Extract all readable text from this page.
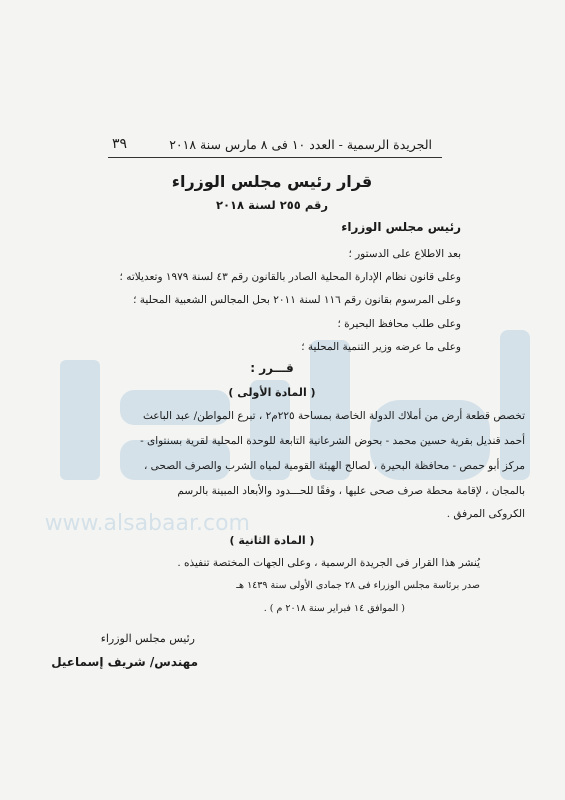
www.alsabaar.com
الجريدة الرسمية - العدد ١٠ فى ٨ مارس سنة ٢٠١٨
٣٩
قرار رئيس مجلس الوزراء
رقم ٢٥٥ لسنة ٢٠١٨
رئيس مجلس الوزراء
بعد الاطلاع على الدستور ؛
وعلى قانون نظام الإدارة المحلية الصادر بالقانون رقم ٤٣ لسنة ١٩٧٩ وتعديلاته ؛
وعلى المرسوم بقانون رقم ١١٦ لسنة ٢٠١١ بحل المجالس الشعبية المحلية ؛
وعلى طلب محافظ البحيرة ؛
وعلى ما عرضه وزير التنمية المحلية ؛
قـــرر :
( المادة الأولى )
تخصص قطعة أرض من أملاك الدولة الخاصة بمساحة ٢٢٥م٢ ، تبرع المواطن/ عبد الباعث
أحمد قنديل بقرية حسين محمد - بحوض الشرعانية التابعة للوحدة المحلية لقرية بسنتواى -
مركز أبو حمص - محافظة البحيرة ، لصالح الهيئة القومية لمياه الشرب والصرف الصحى ،
بالمجان ، لإقامة محطة صرف صحى عليها ، وفقًا للحـــدود والأبعاد المبينة بالرسم
الكروكى المرفق .
( المادة الثانية )
يُنشر هذا القرار فى الجريدة الرسمية ، وعلى الجهات المختصة تنفيذه .
صدر برئاسة مجلس الوزراء فى ٢٨ جمادى الأولى سنة ١٤٣٩ هـ
( الموافق ١٤ فبراير سنة ٢٠١٨ م ) .
رئيس مجلس الوزراء
مهندس/ شريف إسماعيل
